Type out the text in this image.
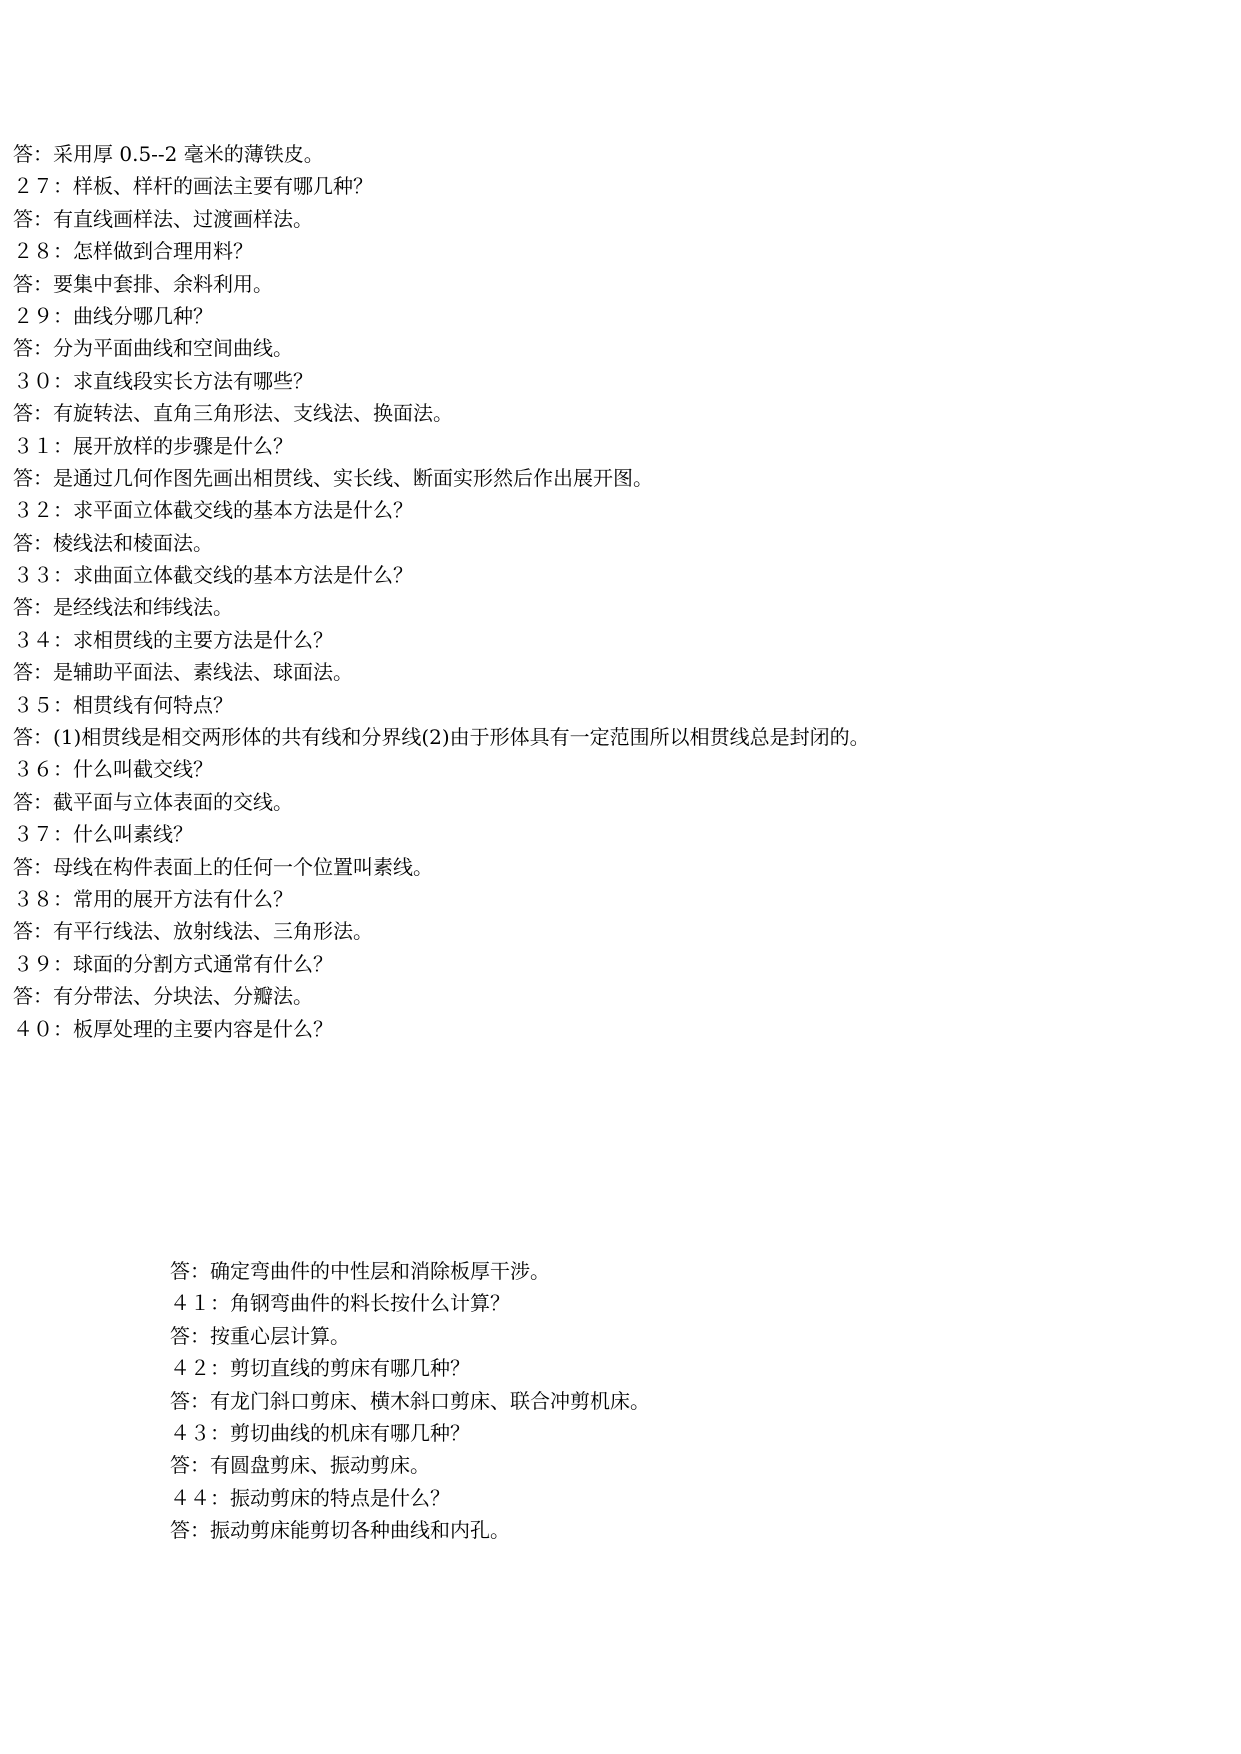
答：采用厚 0.5--2 毫米的薄铁皮。
２７：样板、样杆的画法主要有哪几种？
答：有直线画样法、过渡画样法。
２８：怎样做到合理用料？
答：要集中套排、余料利用。
２９：曲线分哪几种？
答：分为平面曲线和空间曲线。
３０：求直线段实长方法有哪些？
答：有旋转法、直角三角形法、支线法、换面法。
３１：展开放样的步骤是什么？
答：是通过几何作图先画出相贯线、实长线、断面实形然后作出展开图。
３２：求平面立体截交线的基本方法是什么？
答：棱线法和棱面法。
３３：求曲面立体截交线的基本方法是什么？
答：是经线法和纬线法。
３４：求相贯线的主要方法是什么？
答：是辅助平面法、素线法、球面法。
３５：相贯线有何特点？
答：(1)相贯线是相交两形体的共有线和分界线(2)由于形体具有一定范围所以相贯线总是封闭的。
３６：什么叫截交线？
答：截平面与立体表面的交线。
３７：什么叫素线？
答：母线在构件表面上的任何一个位置叫素线。
３８：常用的展开方法有什么？
答：有平行线法、放射线法、三角形法。
３９：球面的分割方式通常有什么？
答：有分带法、分块法、分瓣法。
４０：板厚处理的主要内容是什么？
答：确定弯曲件的中性层和消除板厚干涉。
４１：角钢弯曲件的料长按什么计算？
答：按重心层计算。
４２：剪切直线的剪床有哪几种？
答：有龙门斜口剪床、横木斜口剪床、联合冲剪机床。
４３：剪切曲线的机床有哪几种？
答：有圆盘剪床、振动剪床。
４４：振动剪床的特点是什么？
答：振动剪床能剪切各种曲线和内孔。
